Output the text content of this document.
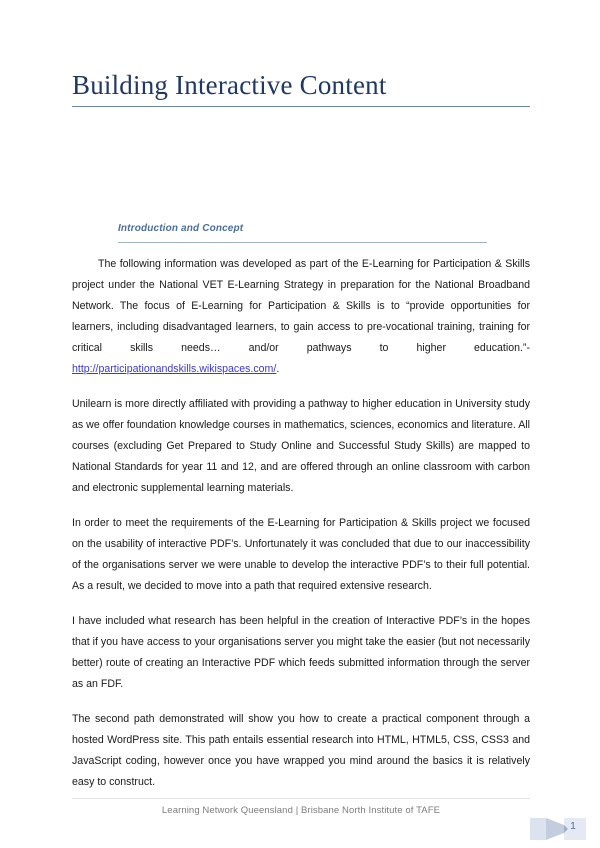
Building Interactive Content
Introduction and Concept

The following information was developed as part of the E-Learning for Participation & Skills project under the National VET E-Learning Strategy in preparation for the National Broadband Network. The focus of E-Learning for Participation & Skills is to “provide opportunities for learners, including disadvantaged learners, to gain access to pre-vocational training, training for critical skills needs… and/or pathways to higher education.”- http://participationandskills.wikispaces.com/.

Unilearn is more directly affiliated with providing a pathway to higher education in University study as we offer foundation knowledge courses in mathematics, sciences, economics and literature. All courses (excluding Get Prepared to Study Online and Successful Study Skills) are mapped to National Standards for year 11 and 12, and are offered through an online classroom with carbon and electronic supplemental learning materials.

In order to meet the requirements of the E-Learning for Participation & Skills project we focused on the usability of interactive PDF’s. Unfortunately it was concluded that due to our inaccessibility of the organisations server we were unable to develop the interactive PDF’s to their full potential. As a result, we decided to move into a path that required extensive research.

I have included what research has been helpful in the creation of Interactive PDF’s in the hopes that if you have access to your organisations server you might take the easier (but not necessarily better) route of creating an Interactive PDF which feeds submitted information through the server as an FDF.

The second path demonstrated will show you how to create a practical component through a hosted WordPress site. This path entails essential research into HTML, HTML5, CSS, CSS3 and JavaScript coding, however once you have wrapped you mind around the basics it is relatively easy to construct.

Learning Network Queensland | Brisbane North Institute of TAFE
1
